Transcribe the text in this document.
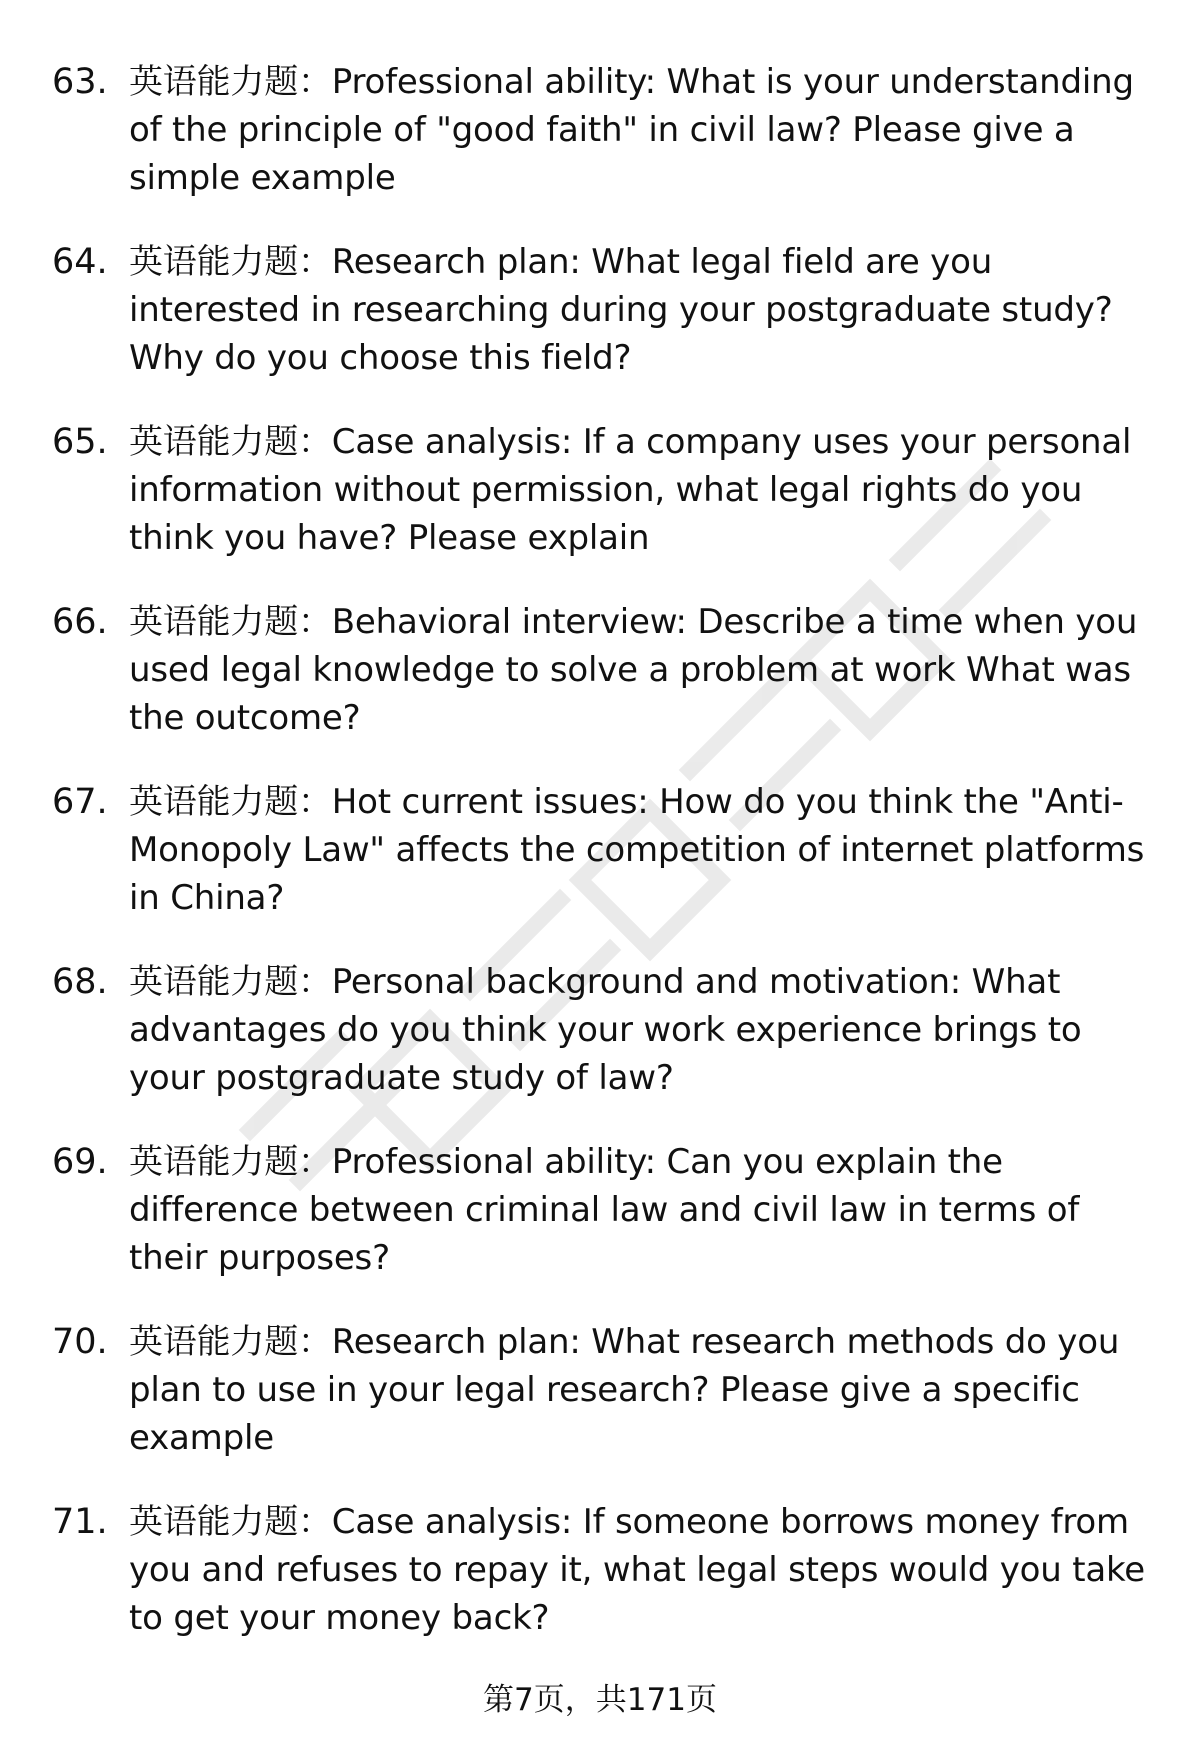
63. 英语能力题：Professional ability: What is your understanding of the principle of "good faith" in civil law? Please give a simple example
64. 英语能力题：Research plan: What legal field are you interested in researching during your postgraduate study? Why do you choose this field?
65. 英语能力题：Case analysis: If a company uses your personal information without permission, what legal rights do you think you have? Please explain
66. 英语能力题：Behavioral interview: Describe a time when you used legal knowledge to solve a problem at work What was the outcome?
67. 英语能力题：Hot current issues: How do you think the "Anti-Monopoly Law" affects the competition of internet platforms in China?
68. 英语能力题：Personal background and motivation: What advantages do you think your work experience brings to your postgraduate study of law?
69. 英语能力题：Professional ability: Can you explain the difference between criminal law and civil law in terms of their purposes?
70. 英语能力题：Research plan: What research methods do you plan to use in your legal research? Please give a specific example
71. 英语能力题：Case analysis: If someone borrows money from you and refuses to repay it, what legal steps would you take to get your money back?
第7页，共171页
